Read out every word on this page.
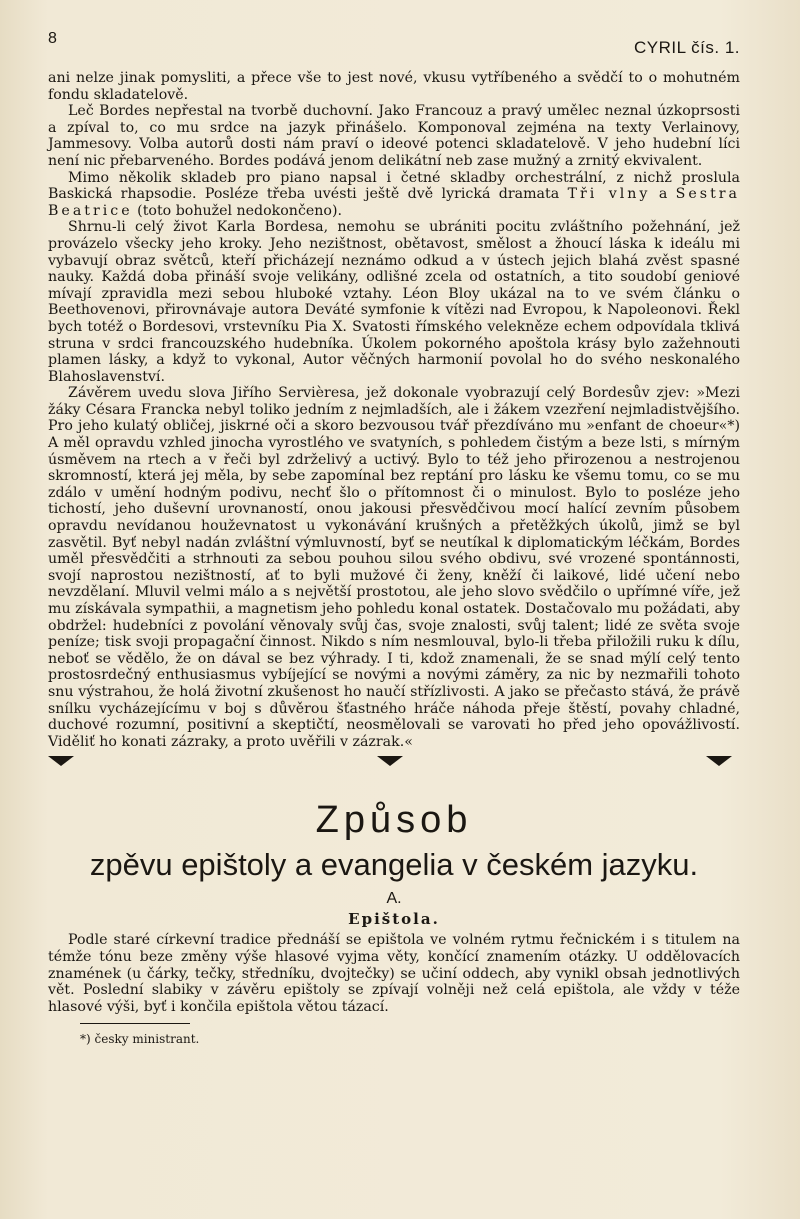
8	CYRIL čís. 1.

ani nelze jinak pomysliti, a přece vše to jest nové, vkusu vytříbeného a svědčí to o mohutném fondu skladatelově.

Leč Bordes nepřestal na tvorbě duchovní. Jako Francouz a pravý umělec neznal úzkoprsosti a zpíval to, co mu srdce na jazyk přinášelo. Komponoval zejména na texty Verlainovy, Jammesovy. Volba autorů dosti nám praví o ideové potenci skladatelově. V jeho hudební líci není nic přebarveného. Bordes podává jenom delikátní neb zase mužný a zrnitý ekvivalent.

Mimo několik skladeb pro piano napsal i četné skladby orchestrální, z nichž proslula Baskická rhapsodie. Posléze třeba uvésti ještě dvě lyrická dramata Tři vlny a Sestra Beatrice (toto bohužel nedokončeno).

Shrnu-li celý život Karla Bordesa, nemohu se ubrániti pocitu zvláštního požehnání, jež provázelo všecky jeho kroky. Jeho nezištnost, obětavost, smělost a žhoucí láska k ideálu mi vybavují obraz světců, kteří přicházejí neznámo odkud a v ústech jejich blahá zvěst spasné nauky. Každá doba přináší svoje velikány, odlišné zcela od ostatních, a tito soudobí geniové mívají zpravidla mezi sebou hluboké vztahy. Léon Bloy ukázal na to ve svém článku o Beethovenovi, přirovnávaje autora Deváté symfonie k vítězi nad Evropou, k Napoleonovi. Řekl bych totéž o Bordesovi, vrstevníku Pia X. Svatosti římského velekněze echem odpovídala tklivá struna v srdci francouzského hudebníka. Úkolem pokorného apoštola krásy bylo zažehnouti plamen lásky, a když to vykonal, Autor věčných harmonií povolal ho do svého neskonalého Blahoslavenství.

Závěrem uvedu slova Jiřího Servièresa, jež dokonale vyobrazují celý Bordesův zjev: »Mezi žáky Césara Francka nebyl toliko jedním z nejmladších, ale i žákem vzezření nejmladistvějšího. Pro jeho kulatý obličej, jiskrné oči a skoro bezvousou tvář přezdíváno mu »enfant de choeur«*) A měl opravdu vzhled jinocha vyrostlého ve svatyních, s pohledem čistým a beze lsti, s mírným úsměvem na rtech a v řeči byl zdrželivý a uctivý. Bylo to též jeho přirozenou a nestrojenou skromností, která jej měla, by sebe zapomínal bez reptání pro lásku ke všemu tomu, co se mu zdálo v umění hodným podivu, nechť šlo o přítomnost či o minulost. Bylo to posléze jeho tichostí, jeho duševní urovnaností, onou jakousi přesvědčivou mocí halící zevním působem opravdu nevídanou houževnatost u vykonávání krušných a přetěžkých úkolů, jimž se byl zasvětil. Byť nebyl nadán zvláštní výmluvností, byť se neutíkal k diplomatickým léčkám, Bordes uměl přesvědčiti a strhnouti za sebou pouhou silou svého obdivu, své vrozené spontánnosti, svojí naprostou nezištností, ať to byli mužové či ženy, kněží či laikové, lidé učení nebo nevzdělaní. Mluvil velmi málo a s největší prostotou, ale jeho slovo svědčilo o upřímné víře, jež mu získávala sympathii, a magnetism jeho pohledu konal ostatek. Dostačovalo mu požádati, aby obdržel: hudebníci z povolání věnovaly svůj čas, svoje znalosti, svůj talent; lidé ze světa svoje peníze; tisk svoji propagační činnost. Nikdo s ním nesmlouval, bylo-li třeba přiložili ruku k dílu, neboť se vědělo, že on dával se bez výhrady. I ti, kdož znamenali, že se snad mýlí celý tento prostosrdečný enthusiasmus vybíjející se novými a novými záměry, za nic by nezmařili tohoto snu výstrahou, že holá životní zkušenost ho naučí střízlivosti. A jako se přečasto stává, že právě snílku vycházejícímu v boj s důvěrou šťastného hráče náhoda přeje štěstí, povahy chladné, duchové rozumní, positivní a skeptičtí, neosmělovali se varovati ho před jeho opovážlivostí. Viděliť ho konati zázraky, a proto uvěřili v zázrak.«

Způsob
zpěvu epištoly a evangelia v českém jazyku.
A.
Epištola.

Podle staré církevní tradice přednáší se epištola ve volném rytmu řečnickém i s titulem na témže tónu beze změny výše hlasové vyjma věty, končící znamením otázky. U oddělovacích znamének (u čárky, tečky, středníku, dvojtečky) se učiní oddech, aby vynikl obsah jednotlivých vět. Poslední slabiky v závěru epištoly se zpívají volněji než celá epištola, ale vždy v téže hlasové výši, byť i končila epištola větou tázací.

*) česky ministrant.
